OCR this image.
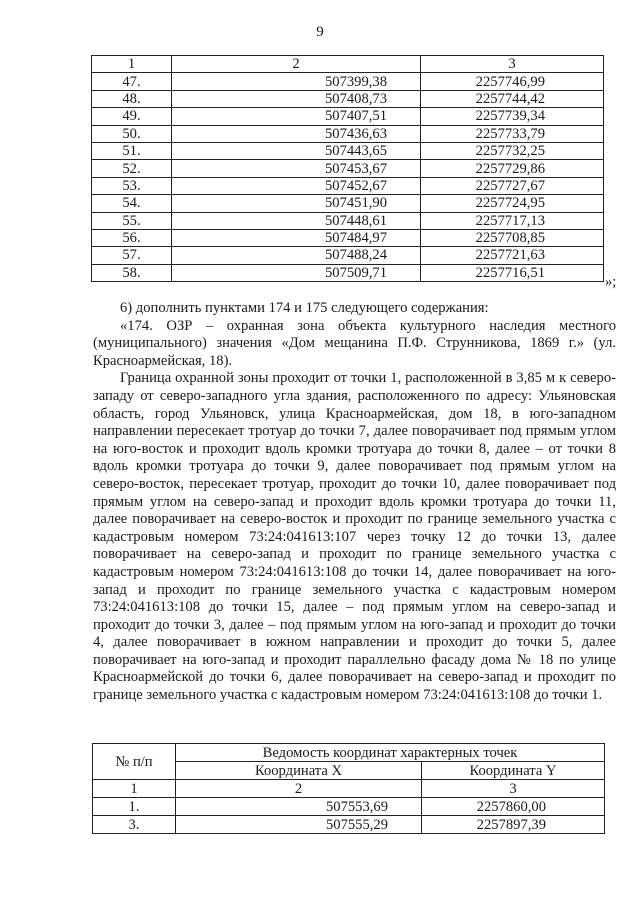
9
1	2	3
47.	507399,38	2257746,99
48.	507408,73	2257744,42
49.	507407,51	2257739,34
50.	507436,63	2257733,79
51.	507443,65	2257732,25
52.	507453,67	2257729,86
53.	507452,67	2257727,67
54.	507451,90	2257724,95
55.	507448,61	2257717,13
56.	507484,97	2257708,85
57.	507488,24	2257721,63
58.	507509,71	2257716,51
»;

6) дополнить пунктами 174 и 175 следующего содержания:

«174. ОЗР – охранная зона объекта культурного наследия местного (муниципального) значения «Дом мещанина П.Ф. Струнникова, 1869 г.» (ул. Красноармейская, 18).

Граница охранной зоны проходит от точки 1, расположенной в 3,85 м к северо-западу от северо-западного угла здания, расположенного по адресу: Ульяновская область, город Ульяновск, улица Красноармейская, дом 18, в юго-западном направлении пересекает тротуар до точки 7, далее поворачивает под прямым углом на юго-восток и проходит вдоль кромки тротуара до точки 8, далее – от точки 8 вдоль кромки тротуара до точки 9, далее поворачивает под прямым углом на северо-восток, пересекает тротуар, проходит до точки 10, далее поворачивает под прямым углом на северо-запад и проходит вдоль кромки тротуара до точки 11, далее поворачивает на северо-восток и проходит по границе земельного участка с кадастровым номером 73:24:041613:107 через точку 12 до точки 13, далее поворачивает на северо-запад и проходит по границе земельного участка с кадастровым номером 73:24:041613:108 до точки 14, далее поворачивает на юго-запад и проходит по границе земельного участка с кадастровым номером 73:24:041613:108 до точки 15, далее – под прямым углом на северо-запад и проходит до точки 3, далее – под прямым углом на юго-запад и проходит до точки 4, далее поворачивает в южном направлении и проходит до точки 5, далее поворачивает на юго-запад и проходит параллельно фасаду дома № 18 по улице Красноармейской до точки 6, далее поворачивает на северо-запад и проходит по границе земельного участка с кадастровым номером 73:24:041613:108 до точки 1.

№ п/п	Ведомость координат характерных точек	
	Координата X	Координата Y
1	2	3
1.	507553,69	2257860,00
3.	507555,29	2257897,39
